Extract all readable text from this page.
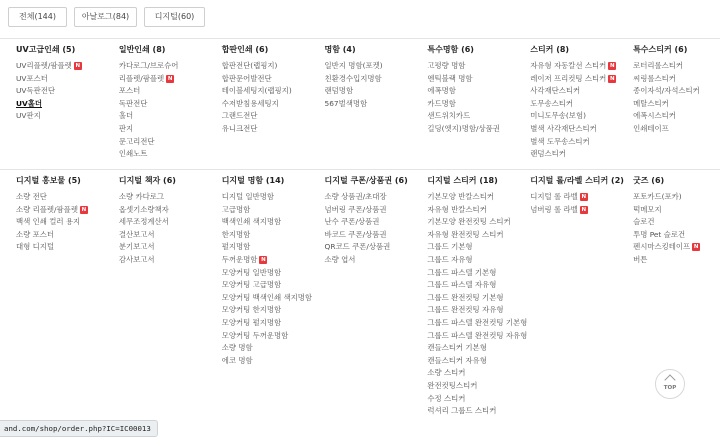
전체(144)	아날로그(84)	디지털(60)
UV고급인쇄 (5)
UV리플렛/팜플렛 N
UV포스터
UV독판전단
UV홀더
UV판지
일반인쇄 (8)
카다로그/브로슈어
리플렛/팜플렛 N
포스터
독판전단
홀더
판지
문고리전단
인쇄노트
합판인쇄 (6)
합판전단(랩핑지)
합판문어발전단
테이블세팅지(랩핑지)
수저받침용세팅지
그랜드전단
유니크전단
명함 (4)
일반지 명함(포켓)
친환경수입지명함
랜덤명함
567벌색명함
특수명함 (6)
고평량 명함
엔틱블랙 명함
에폭명함
카드명함
샌드위치카드
길딩(엣지)명함/상품권
스티커 (8)
자유형 자동칼선 스티커 N
레이저 프리컷팅 스티커 N
사각재단스티커
도무송스티커
미니도무송(보험)
별색 사각재단스티커
별색 도무송스티커
랜덤스티커
특수스티커 (6)
로터리롤스티커
씨링롤스티커
종이자석/자석스티커
메탈스티커
에폭시스티커
인쇄테이프
디지털 홍보물 (5)
소량 전단
소량 리플렛/팜플렛 N
백색 인쇄 컬러 용지
소량 포스터
대형 디지털
디지털 책자 (6)
소량 카다로그
옵셋기소량책자
세무조정계산서
결산보고서
분기보고서
감사보고서
디지털 명함 (14)
디지털 일반명함
고급명함
백색인쇄 색지명함
한지명함
펄지명함
두꺼운명함 N
모양커팅 일반명함
모양커팅 고급명함
모양커팅 백색인쇄 색지명함
모양커팅 한지명함
모양커팅 펄지명함
모양커팅 두꺼운명함
소량 명함
에코 명함
디지털 쿠폰/상품권 (6)
소량 상품권/초대장
넘버링 쿠폰/상품권
난수 쿠폰/상품권
바코드 쿠폰/상품권
QR코드 쿠폰/상품권
소량 엽서
디지털 스티커 (18)
기본모양 반칼스티커
자유형 반칼스티커
기본모양 완전컷팅 스티커
자유형 완전컷팅 스티커
그룹드 기본형
그룹드 자유형
그룹드 파스텔 기본형
그룹드 파스텔 자유형
그룹드 완전컷팅 기본형
그룹드 완전컷팅 자유형
그룹드 파스텔 완전컷팅 기본형
그룹드 파스텔 완전컷팅 자유형
캔들스티커 기본형
캔들스티커 자유형
소량 스티커
완전컷팅스티커
수정 스티커
럭셔리 그룹드 스티커
디지털 롤/라벨 스티커 (2)
디지털 롤 라벨 N
넘버링 롤 라벨 N
굿즈 (6)
포토카드(포카)
떡메모지
슬로건
투명 Pet 슬로건
펜시마스킹테이프 N
버튼
TOP
and.com/shop/order.php?IC=IC00013
